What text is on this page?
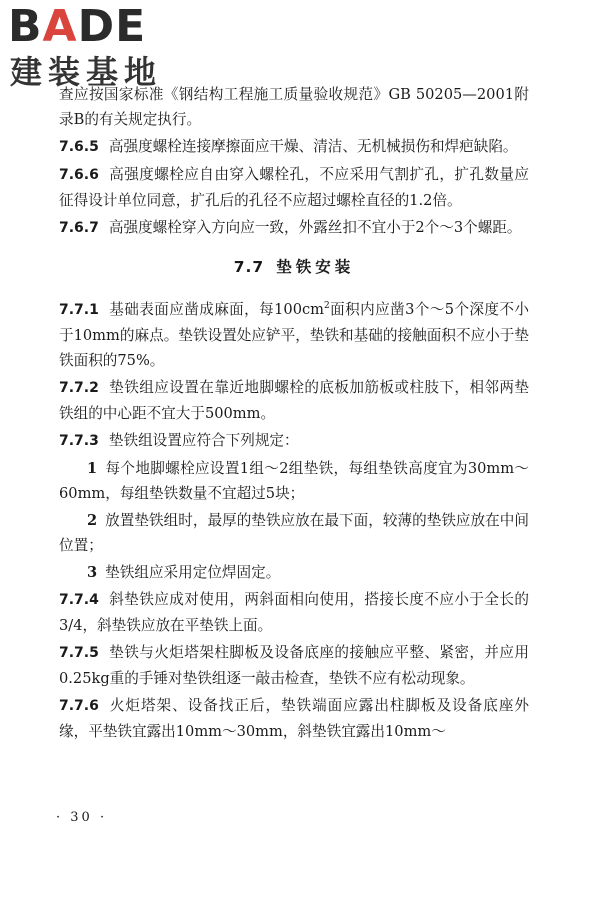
BADE
建装基地

查应按国家标准《钢结构工程施工质量验收规范》GB 50205—2001附录B的有关规定执行。

7.6.5 高强度螺栓连接摩擦面应干燥、清洁、无机械损伤和焊疤缺陷。

7.6.6 高强度螺栓应自由穿入螺栓孔，不应采用气割扩孔，扩孔数量应征得设计单位同意，扩孔后的孔径不应超过螺栓直径的1.2倍。

7.6.7 高强度螺栓穿入方向应一致，外露丝扣不宜小于2个～3个螺距。

7.7 垫铁安装

7.7.1 基础表面应凿成麻面，每$100cm^2$面积内应凿3个～5个深度不小于10mm的麻点。垫铁设置处应铲平，垫铁和基础的接触面积不应小于垫铁面积的75%。

7.7.2 垫铁组应设置在靠近地脚螺栓的底板加筋板或柱肢下，相邻两垫铁组的中心距不宜大于500mm。

7.7.3 垫铁组设置应符合下列规定：

1 每个地脚螺栓应设置1组～2组垫铁，每组垫铁高度宜为30mm～60mm，每组垫铁数量不宜超过5块；

2 放置垫铁组时，最厚的垫铁应放在最下面，较薄的垫铁应放在中间位置；

3 垫铁组应采用定位焊固定。

7.7.4 斜垫铁应成对使用，两斜面相向使用，搭接长度不应小于全长的3/4，斜垫铁应放在平垫铁上面。

7.7.5 垫铁与火炬塔架柱脚板及设备底座的接触应平整、紧密，并应用0.25kg重的手锤对垫铁组逐一敲击检查，垫铁不应有松动现象。

7.7.6 火炬塔架、设备找正后，垫铁端面应露出柱脚板及设备底座外缘，平垫铁宜露出10mm～30mm，斜垫铁宜露出10mm～

· 30 ·
